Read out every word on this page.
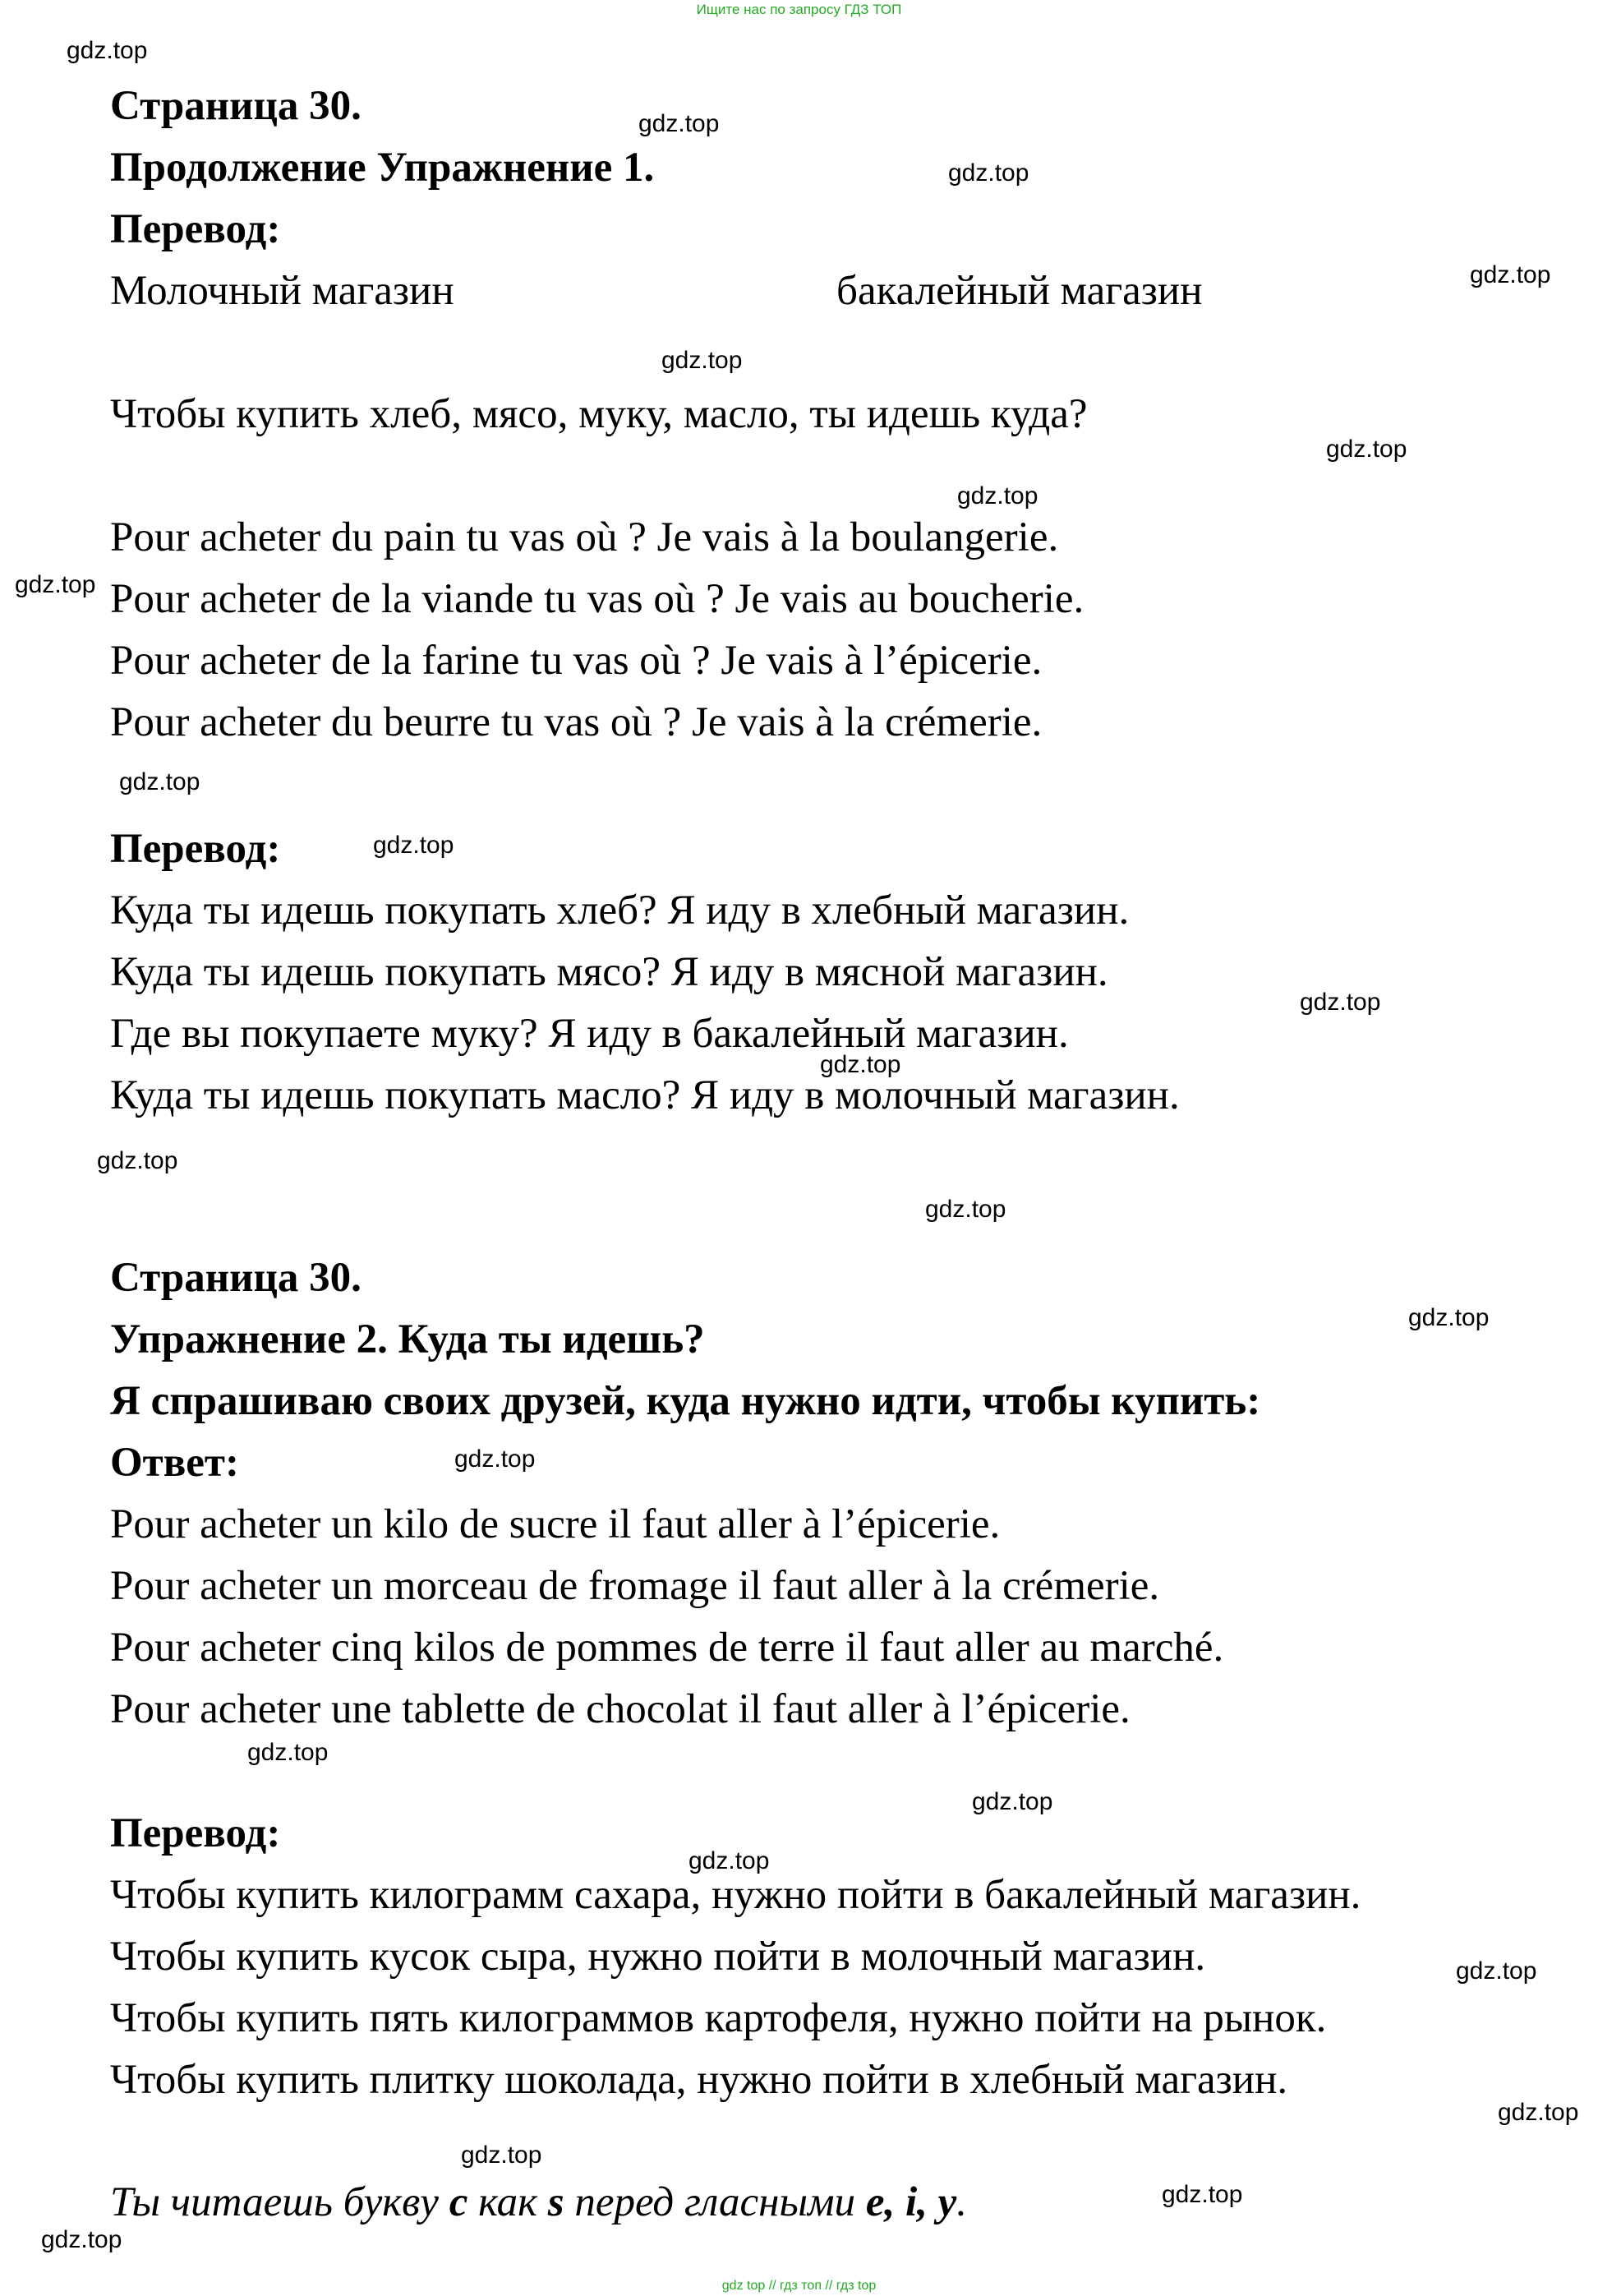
Ищите нас по запросу ГДЗ ТОП
Страница 30.
Продолжение Упражнение 1.
Перевод:
Молочный магазин	бакалейный магазин
Чтобы купить хлеб, мясо, муку, масло, ты идешь куда?
Pour acheter du pain tu vas où ? Je vais à la boulangerie.
Pour acheter de la viande tu vas où ? Je vais au boucherie.
Pour acheter de la farine tu vas où ? Je vais à l’épicerie.
Pour acheter du beurre tu vas où ? Je vais à la crémerie.
Перевод:
Куда ты идешь покупать хлеб? Я иду в хлебный магазин.
Куда ты идешь покупать мясо? Я иду в мясной магазин.
Где вы покупаете муку? Я иду в бакалейный магазин.
Куда ты идешь покупать масло? Я иду в молочный магазин.
Страница 30.
Упражнение 2. Куда ты идешь?
Я спрашиваю своих друзей, куда нужно идти, чтобы купить:
Ответ:
Pour acheter un kilo de sucre il faut aller à l’épicerie.
Pour acheter un morceau de fromage il faut aller à la crémerie.
Pour acheter cinq kilos de pommes de terre il faut aller au marché.
Pour acheter une tablette de chocolat il faut aller à l’épicerie.
Перевод:
Чтобы купить килограмм сахара, нужно пойти в бакалейный магазин.
Чтобы купить кусок сыра, нужно пойти в молочный магазин.
Чтобы купить пять килограммов картофеля, нужно пойти на рынок.
Чтобы купить плитку шоколада, нужно пойти в хлебный магазин.
Ты читаешь букву c как s перед гласными e, i, y.
gdz.top
gdz.top
gdz.top
gdz.top
gdz.top
gdz.top
gdz.top
gdz.top
gdz.top
gdz.top
gdz.top
gdz.top
gdz.top
gdz.top
gdz.top
gdz.top
gdz.top
gdz.top
gdz.top
gdz.top
gdz.top
gdz.top
gdz.top
gdz.top
gdz top // гдз топ // гдз top
